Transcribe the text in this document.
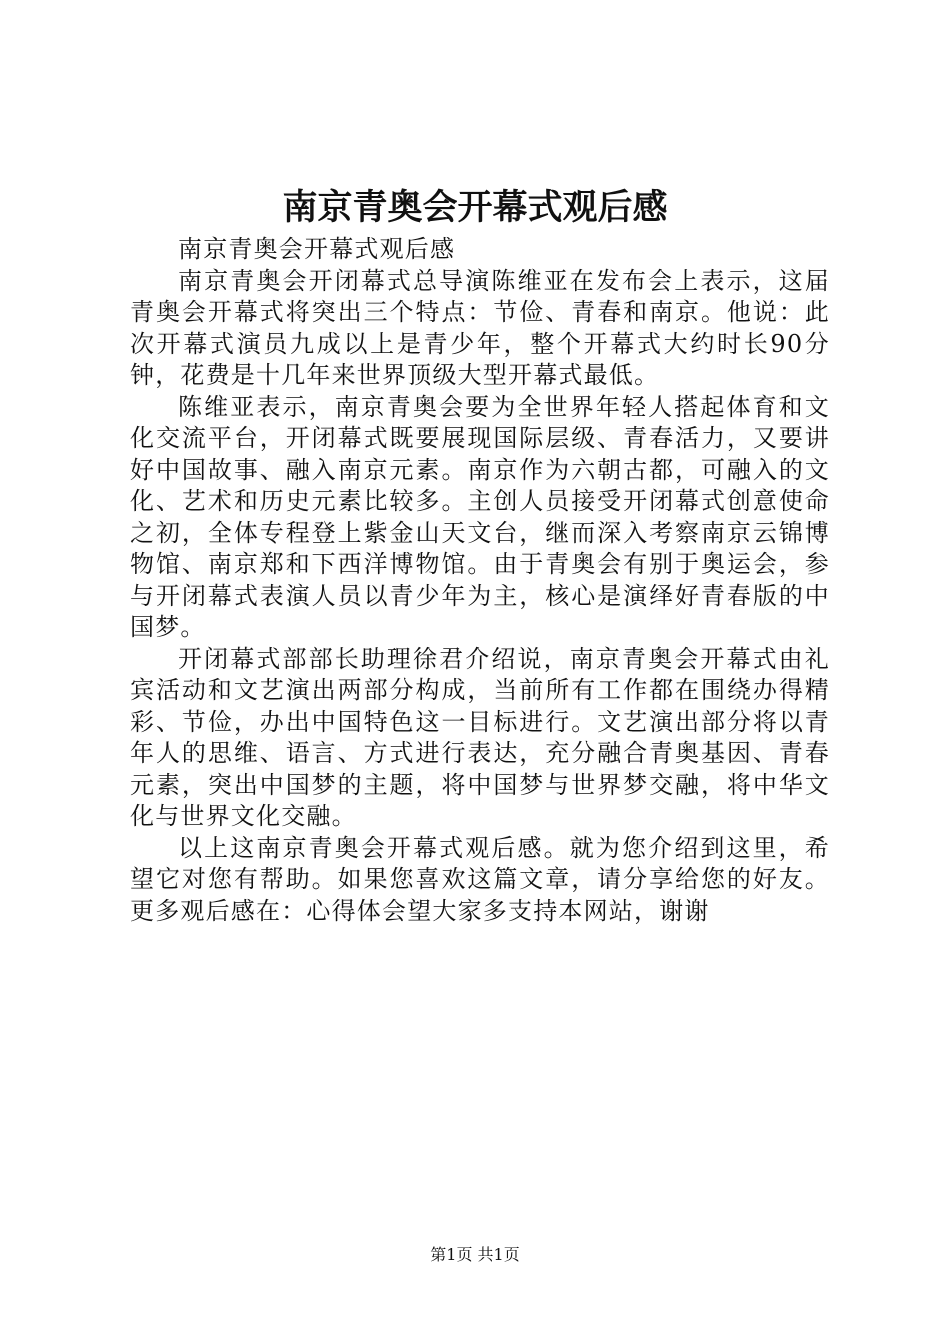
南京青奥会开幕式观后感

南京青奥会开幕式观后感

南京青奥会开闭幕式总导演陈维亚在发布会上表示，这届青奥会开幕式将突出三个特点：节俭、青春和南京。他说：此次开幕式演员九成以上是青少年，整个开幕式大约时长90分钟，花费是十几年来世界顶级大型开幕式最低。

陈维亚表示，南京青奥会要为全世界年轻人搭起体育和文化交流平台，开闭幕式既要展现国际层级、青春活力，又要讲好中国故事、融入南京元素。南京作为六朝古都，可融入的文化、艺术和历史元素比较多。主创人员接受开闭幕式创意使命之初，全体专程登上紫金山天文台，继而深入考察南京云锦博物馆、南京郑和下西洋博物馆。由于青奥会有别于奥运会，参与开闭幕式表演人员以青少年为主，核心是演绎好青春版的中国梦。

开闭幕式部部长助理徐君介绍说，南京青奥会开幕式由礼宾活动和文艺演出两部分构成，当前所有工作都在围绕办得精彩、节俭，办出中国特色这一目标进行。文艺演出部分将以青年人的思维、语言、方式进行表达，充分融合青奥基因、青春元素，突出中国梦的主题，将中国梦与世界梦交融，将中华文化与世界文化交融。

以上这南京青奥会开幕式观后感。就为您介绍到这里，希望它对您有帮助。如果您喜欢这篇文章，请分享给您的好友。更多观后感在：心得体会望大家多支持本网站，谢谢

第1页 共1页
